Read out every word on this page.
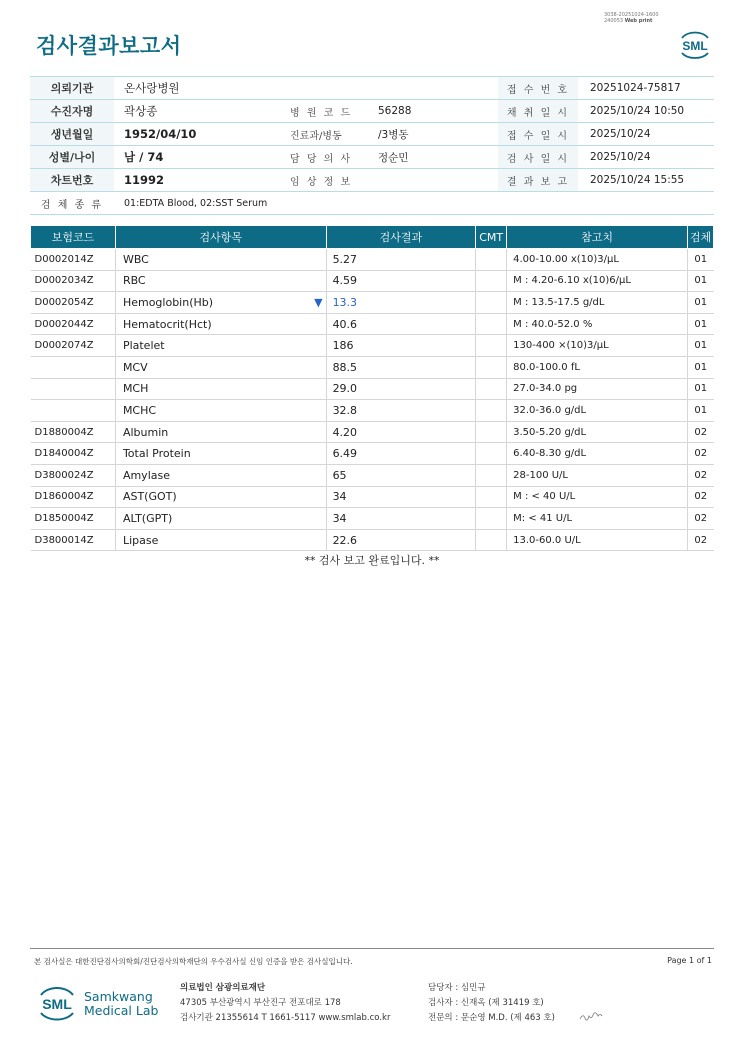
3038-20251024-1600
240053 Web print
검사결과보고서	SML
의뢰기관	온사랑병원			접 수 번 호	20251024-75817
수진자명	곽상종	병 원 코 드	56288	채 취 일 시	2025/10/24 10:50
생년월일	1952/04/10	진료과/병동	/3병동	접 수 일 시	2025/10/24
성별/나이	남 / 74	담 당 의 사	정순민	검 사 일 시	2025/10/24
차트번호	11992	임 상 정 보		결 과 보 고	2025/10/24 15:55
검 체 종 류	01:EDTA Blood, 02:SST Serum				
보험코드	검사항목	검사결과	CMT	참고치	검체
D0002014Z	WBC	5.27		4.00-10.00 x(10)3/μL	01
D0002034Z	RBC	4.59		M : 4.20-6.10 x(10)6/μL	01
D0002054Z	Hemoglobin(Hb) ▼	13.3		M : 13.5-17.5 g/dL	01
D0002044Z	Hematocrit(Hct)	40.6		M : 40.0-52.0 %	01
D0002074Z	Platelet	186		130-400 ×(10)3/μL	01
	MCV	88.5		80.0-100.0 fL	01
	MCH	29.0		27.0-34.0 pg	01
	MCHC	32.8		32.0-36.0 g/dL	01
D1880004Z	Albumin	4.20		3.50-5.20 g/dL	02
D1840004Z	Total Protein	6.49		6.40-8.30 g/dL	02
D3800024Z	Amylase	65		28-100 U/L	02
D1860004Z	AST(GOT)	34		M : < 40 U/L	02
D1850004Z	ALT(GPT)	34		M: < 41 U/L	02
D3800014Z	Lipase	22.6		13.0-60.0 U/L	02
** 검사 보고 완료입니다. **
본 검사실은 대한진단검사의학회/진단검사의학재단의 우수검사실 신임 인증을 받은 검사실입니다.	Page 1 of 1
SML Samkwang
Medical Lab
의료법인 삼광의료재단
47305 부산광역시 부산진구 전포대로 178
검사기관 21355614 T 1661-5117 www.smlab.co.kr
담당자 : 심민규
검사자 : 신재옥 (제 31419 호)
전문의 : 문순영 M.D. (제 463 호)
